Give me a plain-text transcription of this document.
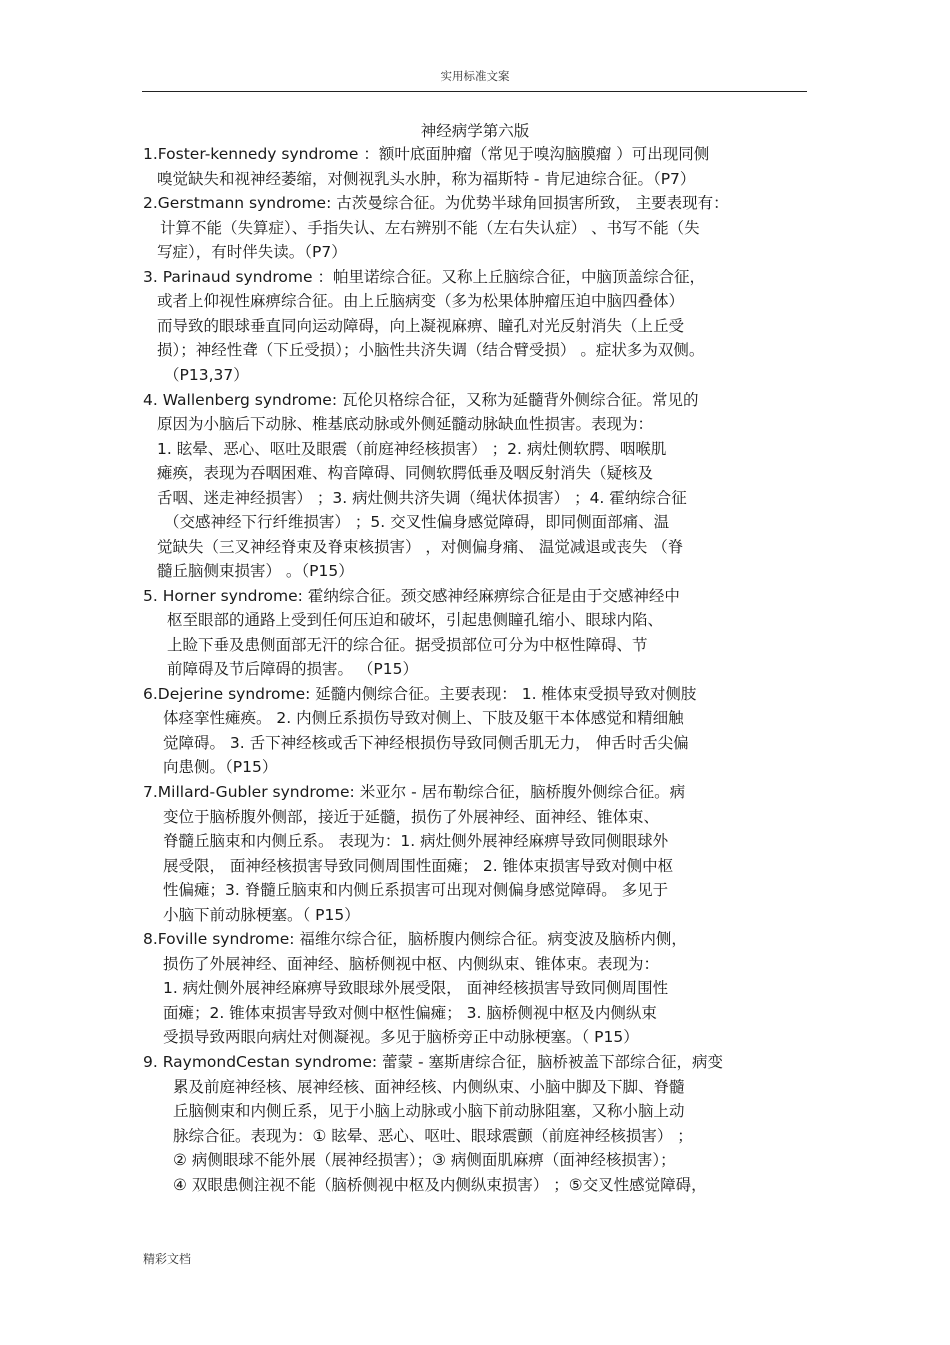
实用标准文案
神经病学第六版
1.Foster-kennedy syndrome ：额叶底面肿瘤（常见于嗅沟脑膜瘤 ）可出现同侧
嗅觉缺失和视神经萎缩，对侧视乳头水肿，称为福斯特 - 肯尼迪综合征。（P7）
2.Gerstmann syndrome: 古茨曼综合征。为优势半球角回损害所致， 主要表现有：
计算不能（失算症）、手指失认、左右辨别不能（左右失认症） 、书写不能（失
写症），有时伴失读。（P7）
3. Parinaud syndrome ：帕里诺综合征。又称上丘脑综合征，中脑顶盖综合征，
或者上仰视性麻痹综合征。由上丘脑病变（多为松果体肿瘤压迫中脑四叠体）
而导致的眼球垂直同向运动障碍，向上凝视麻痹、瞳孔对光反射消失（上丘受
损）；神经性聋（下丘受损）；小脑性共济失调（结合臂受损） 。症状多为双侧。
（P13,37）
4. Wallenberg syndrome: 瓦伦贝格综合征，又称为延髓背外侧综合征。常见的
原因为小脑后下动脉、椎基底动脉或外侧延髓动脉缺血性损害。表现为：
1. 眩晕、恶心、呕吐及眼震（前庭神经核损害） ；2. 病灶侧软腭、咽喉肌
瘫痪，表现为吞咽困难、构音障碍、同侧软腭低垂及咽反射消失（疑核及
舌咽、迷走神经损害） ；3. 病灶侧共济失调（绳状体损害） ；4. 霍纳综合征
（交感神经下行纤维损害） ；5. 交叉性偏身感觉障碍，即同侧面部痛、温
觉缺失（三叉神经脊束及脊束核损害） ，对侧偏身痛、 温觉减退或丧失 （脊
髓丘脑侧束损害） 。（P15）
5. Horner syndrome: 霍纳综合征。颈交感神经麻痹综合征是由于交感神经中
枢至眼部的通路上受到任何压迫和破坏，引起患侧瞳孔缩小、眼球内陷、
上睑下垂及患侧面部无汗的综合征。据受损部位可分为中枢性障碍、节
前障碍及节后障碍的损害。 （P15）
6.Dejerine syndrome: 延髓内侧综合征。主要表现： 1. 椎体束受损导致对侧肢
体痉挛性瘫痪。 2. 内侧丘系损伤导致对侧上、下肢及躯干本体感觉和精细触
觉障碍。 3. 舌下神经核或舌下神经根损伤导致同侧舌肌无力， 伸舌时舌尖偏
向患侧。（P15）
7.Millard-Gubler syndrome: 米亚尔 - 居布勒综合征，脑桥腹外侧综合征。病
变位于脑桥腹外侧部，接近于延髓，损伤了外展神经、面神经、锥体束、
脊髓丘脑束和内侧丘系。 表现为：1. 病灶侧外展神经麻痹导致同侧眼球外
展受限， 面神经核损害导致同侧周围性面瘫； 2. 锥体束损害导致对侧中枢
性偏瘫；3. 脊髓丘脑束和内侧丘系损害可出现对侧偏身感觉障碍。 多见于
小脑下前动脉梗塞。（ P15）
8.Foville syndrome: 福维尔综合征，脑桥腹内侧综合征。病变波及脑桥内侧，
损伤了外展神经、面神经、脑桥侧视中枢、内侧纵束、锥体束。表现为：
1. 病灶侧外展神经麻痹导致眼球外展受限， 面神经核损害导致同侧周围性
面瘫；2. 锥体束损害导致对侧中枢性偏瘫； 3. 脑桥侧视中枢及内侧纵束
受损导致两眼向病灶对侧凝视。多见于脑桥旁正中动脉梗塞。（ P15）
9. RaymondCestan syndrome: 蕾蒙 - 塞斯唐综合征，脑桥被盖下部综合征，病变
累及前庭神经核、展神经核、面神经核、内侧纵束、小脑中脚及下脚、脊髓
丘脑侧束和内侧丘系，见于小脑上动脉或小脑下前动脉阻塞，又称小脑上动
脉综合征。表现为：① 眩晕、恶心、呕吐、眼球震颤（前庭神经核损害） ；
② 病侧眼球不能外展（展神经损害）；③ 病侧面肌麻痹（面神经核损害）；
④ 双眼患侧注视不能（脑桥侧视中枢及内侧纵束损害） ；⑤交叉性感觉障碍，
精彩文档
